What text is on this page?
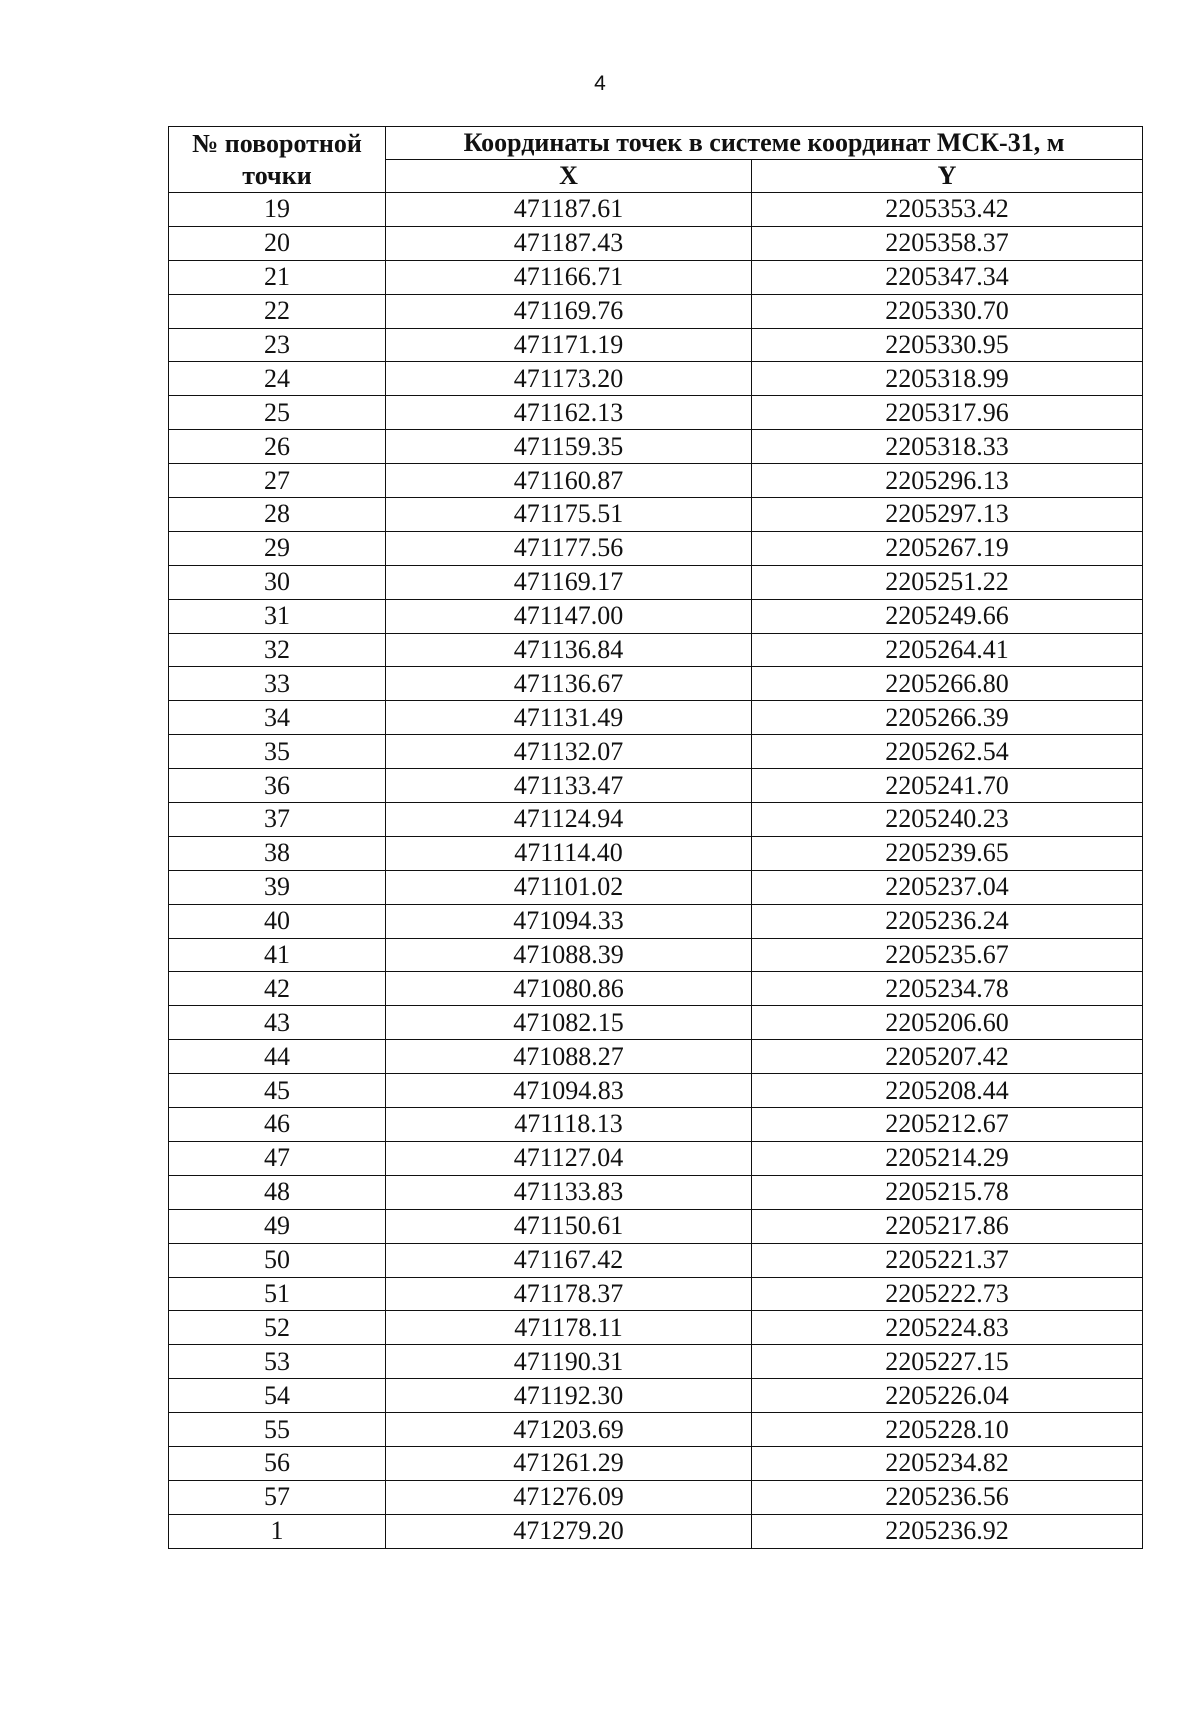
4
№ поворотной
точки	Координаты точек в системе координат МСК-31, м	
	X	Y
19	471187.61	2205353.42
20	471187.43	2205358.37
21	471166.71	2205347.34
22	471169.76	2205330.70
23	471171.19	2205330.95
24	471173.20	2205318.99
25	471162.13	2205317.96
26	471159.35	2205318.33
27	471160.87	2205296.13
28	471175.51	2205297.13
29	471177.56	2205267.19
30	471169.17	2205251.22
31	471147.00	2205249.66
32	471136.84	2205264.41
33	471136.67	2205266.80
34	471131.49	2205266.39
35	471132.07	2205262.54
36	471133.47	2205241.70
37	471124.94	2205240.23
38	471114.40	2205239.65
39	471101.02	2205237.04
40	471094.33	2205236.24
41	471088.39	2205235.67
42	471080.86	2205234.78
43	471082.15	2205206.60
44	471088.27	2205207.42
45	471094.83	2205208.44
46	471118.13	2205212.67
47	471127.04	2205214.29
48	471133.83	2205215.78
49	471150.61	2205217.86
50	471167.42	2205221.37
51	471178.37	2205222.73
52	471178.11	2205224.83
53	471190.31	2205227.15
54	471192.30	2205226.04
55	471203.69	2205228.10
56	471261.29	2205234.82
57	471276.09	2205236.56
1	471279.20	2205236.92
